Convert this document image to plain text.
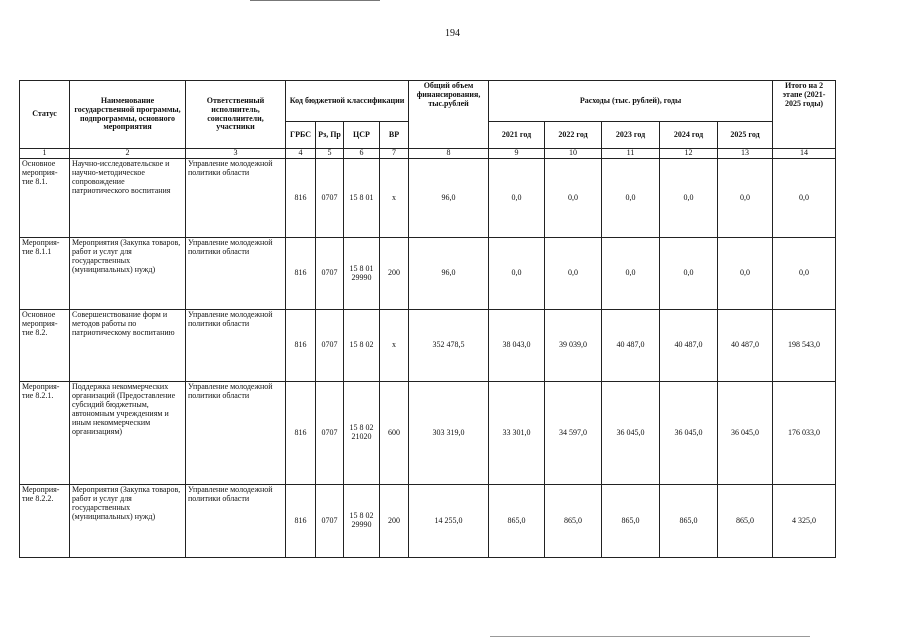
194
Статус	Наименование государственной программы, подпрограммы, основного мероприятия	Ответственный исполнитель, соисполнители, участники	Код бюджетной классификации				Общий объем финансирования, тыс.рублей	Расходы (тыс. рублей), годы					Итого на 2 этапе (2021-2025 годы)
			ГРБС	Рз, Пр	ЦСР	ВР		2021 год	2022 год	2023 год	2024 год	2025 год	
1	2	3	4	5	6	7	8	9	10	11	12	13	14
Основное мероприя-тие 8.1.	Научно-исследовательское и научно-методическое сопровождение патриотического воспитания	Управление молодежной политики области	816	0707	15 8 01	х	96,0	0,0	0,0	0,0	0,0	0,0	0,0
Мероприя-тие 8.1.1	Мероприятия (Закупка товаров, работ и услуг для государственных (муниципальных) нужд)	Управление молодежной политики области	816	0707	15 8 01 29990	200	96,0	0,0	0,0	0,0	0,0	0,0	0,0
Основное мероприя-тие 8.2.	Совершенствование форм и методов работы по патриотическому воспитанию	Управление молодежной политики области	816	0707	15 8 02	х	352 478,5	38 043,0	39 039,0	40 487,0	40 487,0	40 487,0	198 543,0
Мероприя-тие 8.2.1.	Поддержка некоммерческих организаций (Предоставление субсидий бюджетным, автономным учреждениям и иным некоммерческим организациям)	Управление молодежной политики области	816	0707	15 8 02 21020	600	303 319,0	33 301,0	34 597,0	36 045,0	36 045,0	36 045,0	176 033,0
Мероприя-тие 8.2.2.	Мероприятия (Закупка товаров, работ и услуг для государственных (муниципальных) нужд)	Управление молодежной политики области	816	0707	15 8 02 29990	200	14 255,0	865,0	865,0	865,0	865,0	865,0	4 325,0
